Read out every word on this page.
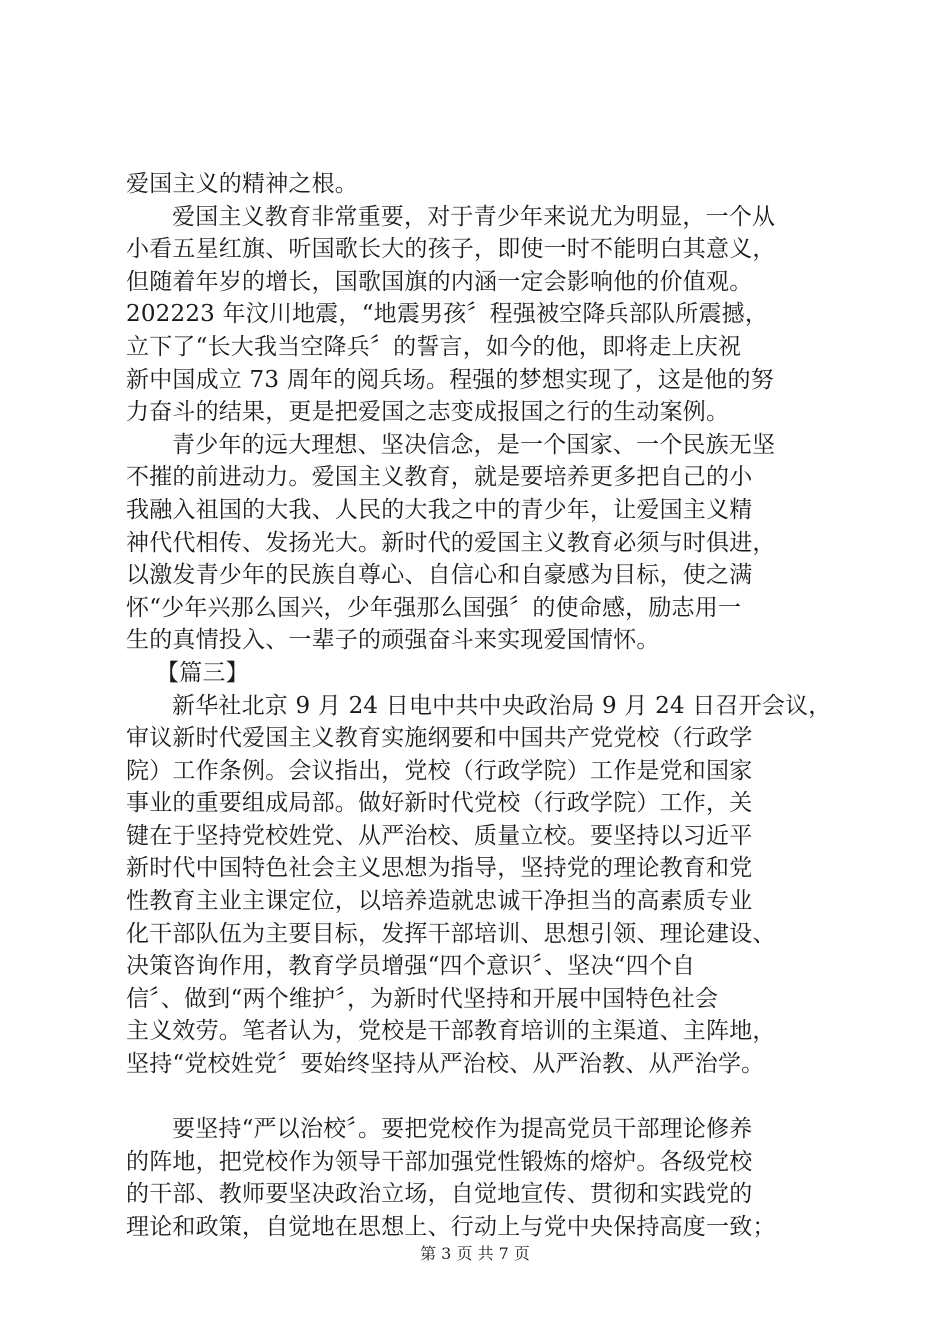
爱国主义的精神之根。
爱国主义教育非常重要，对于青少年来说尤为明显，一个从
小看五星红旗、听国歌长大的孩子，即使一时不能明白其意义，
但随着年岁的增长，国歌国旗的内涵一定会影响他的价值观。
202223 年汶川地震，“地震男孩〞程强被空降兵部队所震撼，
立下了“长大我当空降兵〞的誓言，如今的他，即将走上庆祝
新中国成立 73 周年的阅兵场。程强的梦想实现了，这是他的努
力奋斗的结果，更是把爱国之志变成报国之行的生动案例。
青少年的远大理想、坚决信念，是一个国家、一个民族无坚
不摧的前进动力。爱国主义教育，就是要培养更多把自己的小
我融入祖国的大我、人民的大我之中的青少年，让爱国主义精
神代代相传、发扬光大。新时代的爱国主义教育必须与时俱进，
以激发青少年的民族自尊心、自信心和自豪感为目标，使之满
怀“少年兴那么国兴，少年强那么国强〞的使命感，励志用一
生的真情投入、一辈子的顽强奋斗来实现爱国情怀。
【篇三】
新华社北京 9 月 24 日电中共中央政治局 9 月 24 日召开会议，
审议新时代爱国主义教育实施纲要和中国共产党党校（行政学
院）工作条例。会议指出，党校（行政学院）工作是党和国家
事业的重要组成局部。做好新时代党校（行政学院）工作，关
键在于坚持党校姓党、从严治校、质量立校。要坚持以习近平
新时代中国特色社会主义思想为指导，坚持党的理论教育和党
性教育主业主课定位，以培养造就忠诚干净担当的高素质专业
化干部队伍为主要目标，发挥干部培训、思想引领、理论建设、
决策咨询作用，教育学员增强“四个意识〞、坚决“四个自
信〞、做到“两个维护〞，为新时代坚持和开展中国特色社会
主义效劳。笔者认为，党校是干部教育培训的主渠道、主阵地，
坚持“党校姓党〞要始终坚持从严治校、从严治教、从严治学。
要坚持“严以治校〞。要把党校作为提高党员干部理论修养
的阵地，把党校作为领导干部加强党性锻炼的熔炉。各级党校
的干部、教师要坚决政治立场，自觉地宣传、贯彻和实践党的
理论和政策，自觉地在思想上、行动上与党中央保持高度一致；
第 3 页 共 7 页
